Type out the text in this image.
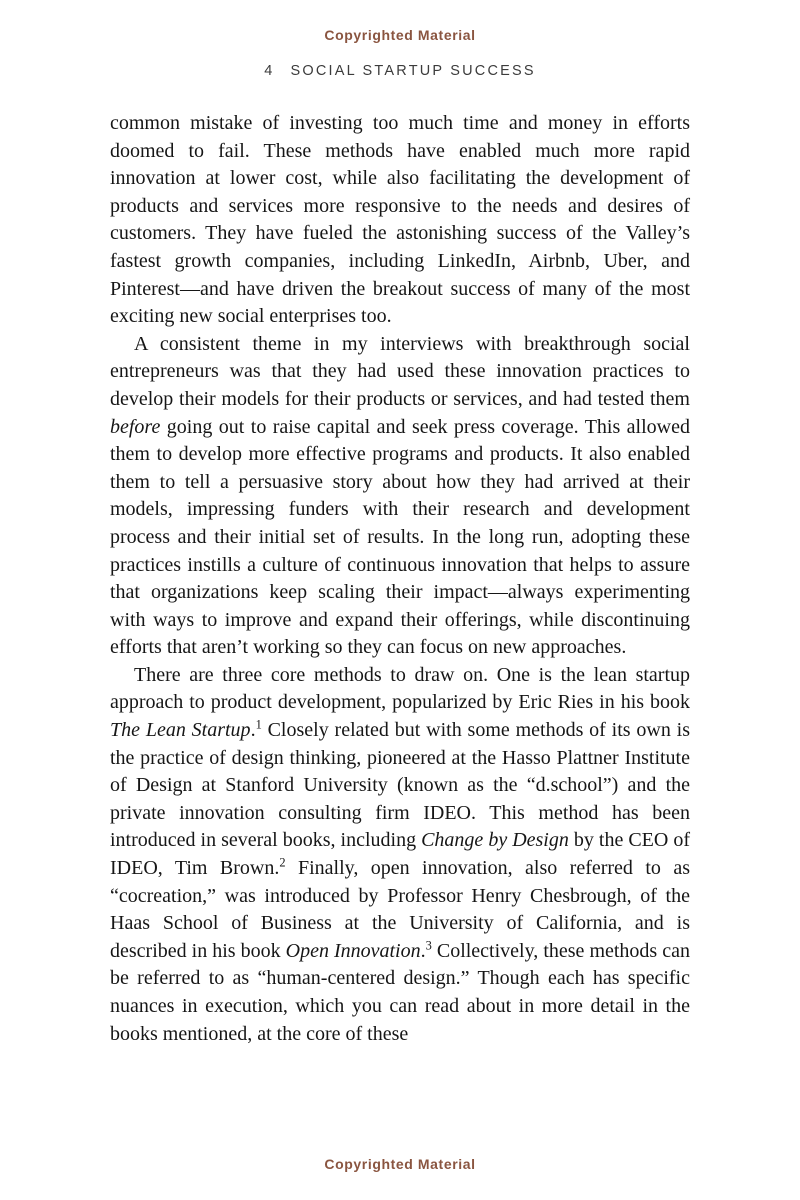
Copyrighted Material
4 SOCIAL STARTUP SUCCESS

common mistake of investing too much time and money in efforts doomed to fail. These methods have enabled much more rapid innovation at lower cost, while also facilitating the development of products and services more responsive to the needs and desires of customers. They have fueled the astonishing success of the Valley’s fastest growth companies, including LinkedIn, Airbnb, Uber, and Pinterest—and have driven the breakout success of many of the most exciting new social enterprises too.

A consistent theme in my interviews with breakthrough social entrepreneurs was that they had used these innovation practices to develop their models for their products or services, and had tested them before going out to raise capital and seek press coverage. This allowed them to develop more effective programs and products. It also enabled them to tell a persuasive story about how they had arrived at their models, impressing funders with their research and development process and their initial set of results. In the long run, adopting these practices instills a culture of continuous innovation that helps to assure that organizations keep scaling their impact—always experimenting with ways to improve and expand their offerings, while discontinuing efforts that aren’t working so they can focus on new approaches.

There are three core methods to draw on. One is the lean startup approach to product development, popularized by Eric Ries in his book The Lean Startup.$^1$ Closely related but with some methods of its own is the practice of design thinking, pioneered at the Hasso Plattner Institute of Design at Stanford University (known as the “d.school”) and the private innovation consulting firm IDEO. This method has been introduced in several books, including Change by Design by the CEO of IDEO, Tim Brown.$^2$ Finally, open innovation, also referred to as “cocreation,” was introduced by Professor Henry Chesbrough, of the Haas School of Business at the University of California, and is described in his book Open Innovation.$^3$ Collectively, these methods can be referred to as “human-centered design.” Though each has specific nuances in execution, which you can read about in more detail in the books mentioned, at the core of these

Copyrighted Material
